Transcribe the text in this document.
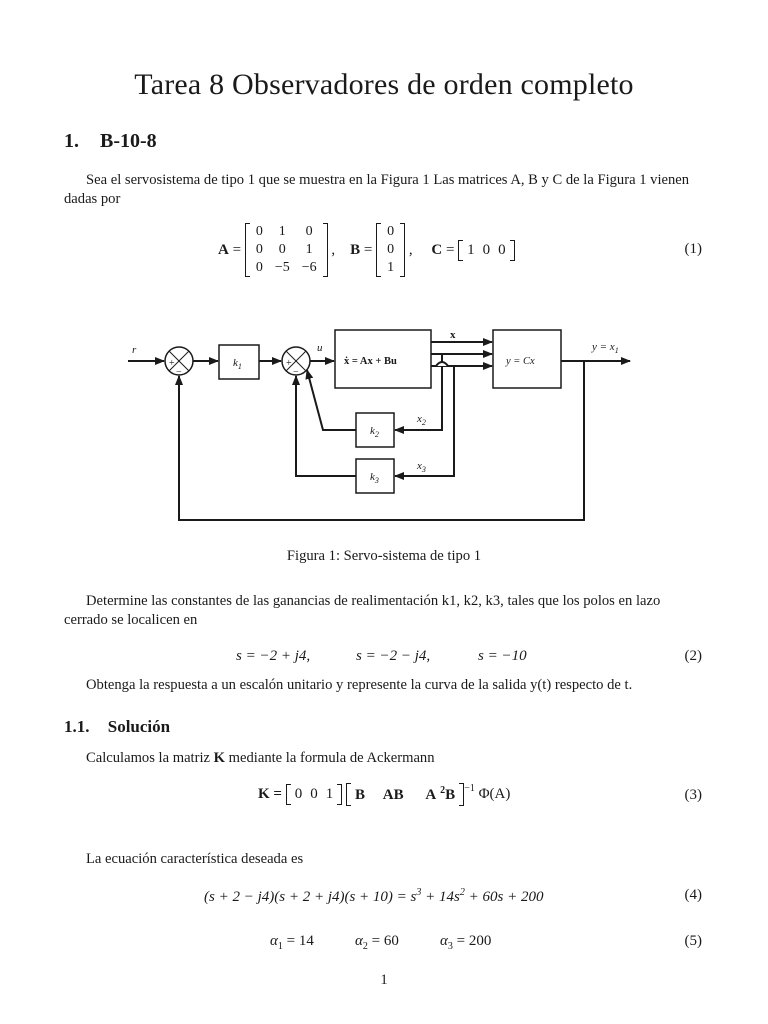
Tarea 8 Observadores de orden completo
1. B-10-8
Sea el servosistema de tipo 1 que se muestra en la Figura 1 Las matrices A, B y C de la Figura 1 vienen dadas por
A =
0	1	0
0	0	1
0	−5	−6
, B =
0
0
1
, C = 1 0 0	(1)
r
+
−
$k_1$	+
−
u
ẋ = Ax + Bu
x
y = Cx
$y = x_1$
$k_2$
$k_3$
$x_2$
$x_3$
Figura 1: Servo-sistema de tipo 1
Determine las constantes de las ganancias de realimentación k1, k2, k3, tales que los polos en lazo cerrado se localicen en
s = −2 + j4,	s = −2 − j4,	s = −10	(2)
Obtenga la respuesta a un escalón unitario y represente la curva de la salida y(t) respecto de t.
1.1. Solución
Calculamos la matriz K mediante la formula de Ackermann
K =
0 0 1
	B AB A $^2$B $^{-1}$
Φ(A)	(3)
La ecuación característica deseada es
$(s + 2 - j4)(s + 2 + j4)(s + 10) = s^3 + 14s^2 + 60s + 200$	(4)
$\alpha_1 = 14$	$\alpha_2 = 60$	$\alpha_3 = 200$	(5)
1
